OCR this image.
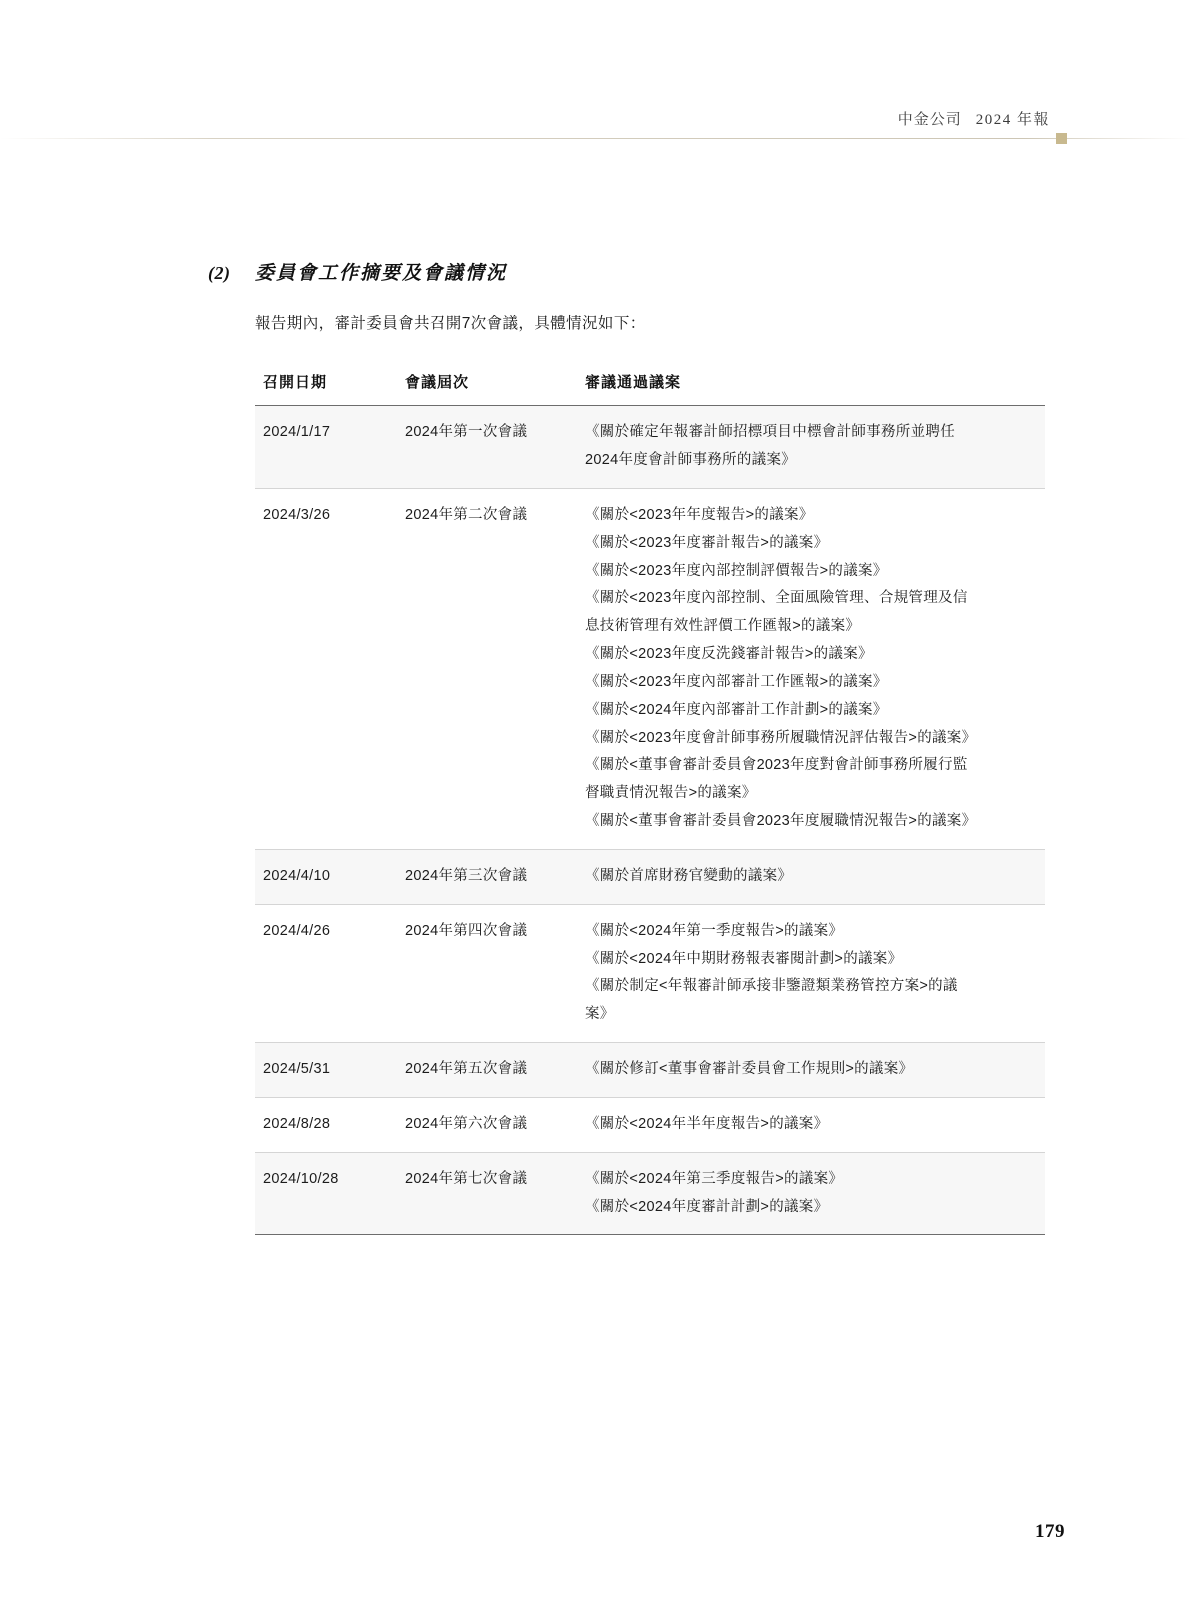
中金公司 2024 年報
(2)	委員會工作摘要及會議情況

報告期內，審計委員會共召開7次會議，具體情況如下：

召開日期	會議屆次	審議通過議案
2024/1/17	2024年第一次會議	《關於確定年報審計師招標項目中標會計師事務所並聘任
2024年度會計師事務所的議案》

2024/3/26	2024年第二次會議	《關於<2023年年度報告>的議案》
《關於<2023年度審計報告>的議案》
《關於<2023年度內部控制評價報告>的議案》
《關於<2023年度內部控制、全面風險管理、合規管理及信
息技術管理有效性評價工作匯報>的議案》
《關於<2023年度反洗錢審計報告>的議案》
《關於<2023年度內部審計工作匯報>的議案》
《關於<2024年度內部審計工作計劃>的議案》
《關於<2023年度會計師事務所履職情況評估報告>的議案》
《關於<董事會審計委員會2023年度對會計師事務所履行監
督職責情況報告>的議案》
《關於<董事會審計委員會2023年度履職情況報告>的議案》

2024/4/10	2024年第三次會議	《關於首席財務官變動的議案》

2024/4/26	2024年第四次會議	《關於<2024年第一季度報告>的議案》
《關於<2024年中期財務報表審閱計劃>的議案》
《關於制定<年報審計師承接非鑒證類業務管控方案>的議
案》

2024/5/31	2024年第五次會議	《關於修訂<董事會審計委員會工作規則>的議案》

2024/8/28	2024年第六次會議	《關於<2024年半年度報告>的議案》

2024/10/28	2024年第七次會議	《關於<2024年第三季度報告>的議案》
《關於<2024年度審計計劃>的議案》
179
